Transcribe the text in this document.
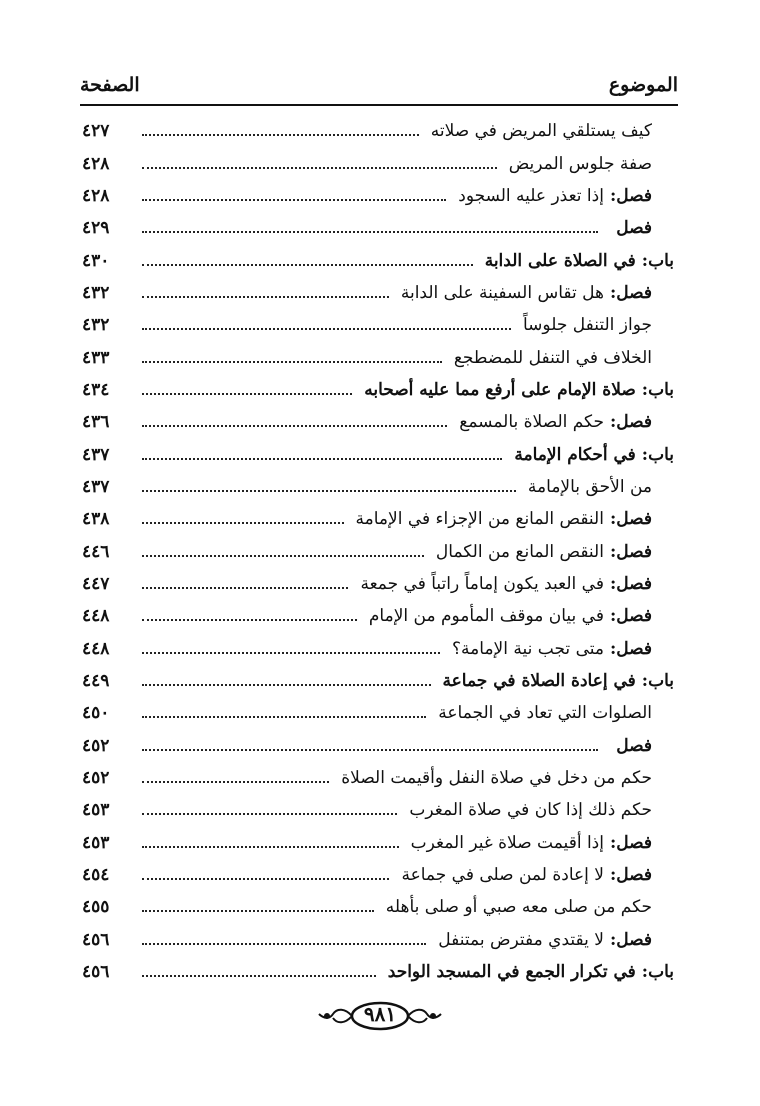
الموضوع
الصفحة
كيف يستلقي المريض في صلاته
٤٢٧
صفة جلوس المريض
٤٢٨
فصل:
إذا تعذر عليه السجود
٤٢٨
فصل
٤٢٩
باب:
في الصلاة على الدابة
٤٣٠
فصل:
هل تقاس السفينة على الدابة
٤٣٢
جواز التنفل جلوساً
٤٣٢
الخلاف في التنفل للمضطجع
٤٣٣
باب:
صلاة الإمام على أرفع مما عليه أصحابه
٤٣٤
فصل:
حكم الصلاة بالمسمع
٤٣٦
باب:
في أحكام الإمامة
٤٣٧
من الأحق بالإمامة
٤٣٧
فصل:
النقص المانع من الإجزاء في الإمامة
٤٣٨
فصل:
النقص المانع من الكمال
٤٤٦
فصل:
في العبد يكون إماماً راتباً في جمعة
٤٤٧
فصل:
في بيان موقف المأموم من الإمام
٤٤٨
فصل:
متى تجب نية الإمامة؟
٤٤٨
باب:
في إعادة الصلاة في جماعة
٤٤٩
الصلوات التي تعاد في الجماعة
٤٥٠
فصل
٤٥٢
حكم من دخل في صلاة النفل وأقيمت الصلاة
٤٥٢
حكم ذلك إذا كان في صلاة المغرب
٤٥٣
فصل:
إذا أقيمت صلاة غير المغرب
٤٥٣
فصل:
لا إعادة لمن صلى في جماعة
٤٥٤
حكم من صلى معه صبي أو صلى بأهله
٤٥٥
فصل:
لا يقتدي مفترض بمتنفل
٤٥٦
باب:
في تكرار الجمع في المسجد الواحد
٤٥٦
٩٨١
